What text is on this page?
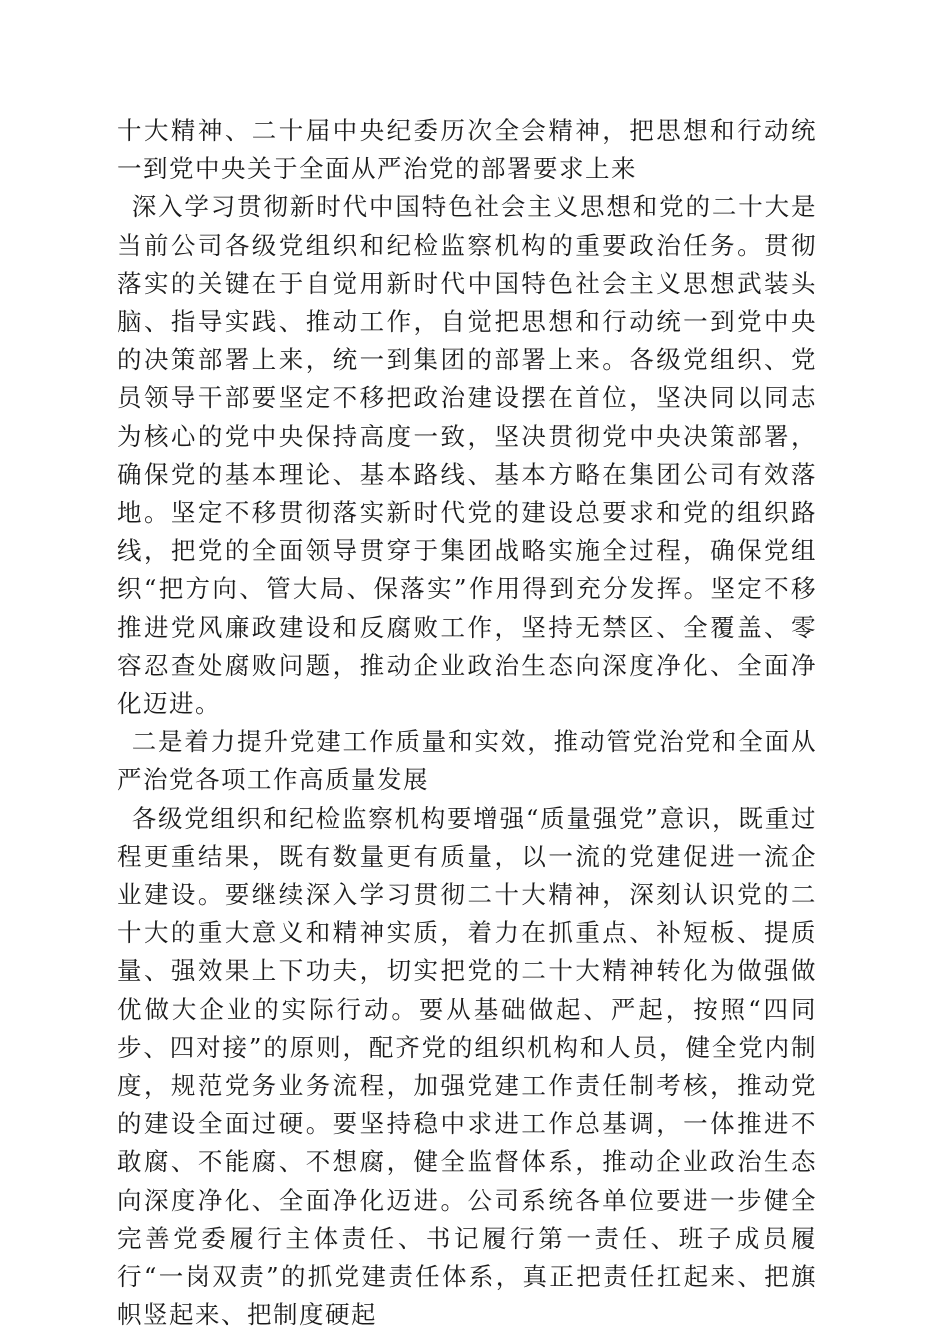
十大精神、二十届中央纪委历次全会精神，把思想和行动统一到党中央关于全面从严治党的部署要求上来

深入学习贯彻新时代中国特色社会主义思想和党的二十大是当前公司各级党组织和纪检监察机构的重要政治任务。贯彻落实的关键在于自觉用新时代中国特色社会主义思想武装头脑、指导实践、推动工作，自觉把思想和行动统一到党中央的决策部署上来，统一到集团的部署上来。各级党组织、党员领导干部要坚定不移把政治建设摆在首位，坚决同以同志为核心的党中央保持高度一致，坚决贯彻党中央决策部署，确保党的基本理论、基本路线、基本方略在集团公司有效落地。坚定不移贯彻落实新时代党的建设总要求和党的组织路线，把党的全面领导贯穿于集团战略实施全过程，确保党组织“把方向、管大局、保落实”作用得到充分发挥。坚定不移推进党风廉政建设和反腐败工作，坚持无禁区、全覆盖、零容忍查处腐败问题，推动企业政治生态向深度净化、全面净化迈进。

二是着力提升党建工作质量和实效，推动管党治党和全面从严治党各项工作高质量发展

各级党组织和纪检监察机构要增强“质量强党”意识，既重过程更重结果，既有数量更有质量，以一流的党建促进一流企业建设。要继续深入学习贯彻二十大精神，深刻认识党的二十大的重大意义和精神实质，着力在抓重点、补短板、提质量、强效果上下功夫，切实把党的二十大精神转化为做强做优做大企业的实际行动。要从基础做起、严起，按照“四同步、四对接”的原则，配齐党的组织机构和人员，健全党内制度，规范党务业务流程，加强党建工作责任制考核，推动党的建设全面过硬。要坚持稳中求进工作总基调，一体推进不敢腐、不能腐、不想腐，健全监督体系，推动企业政治生态向深度净化、全面净化迈进。公司系统各单位要进一步健全完善党委履行主体责任、书记履行第一责任、班子成员履行“一岗双责”的抓党建责任体系，真正把责任扛起来、把旗帜竖起来、把制度硬起
